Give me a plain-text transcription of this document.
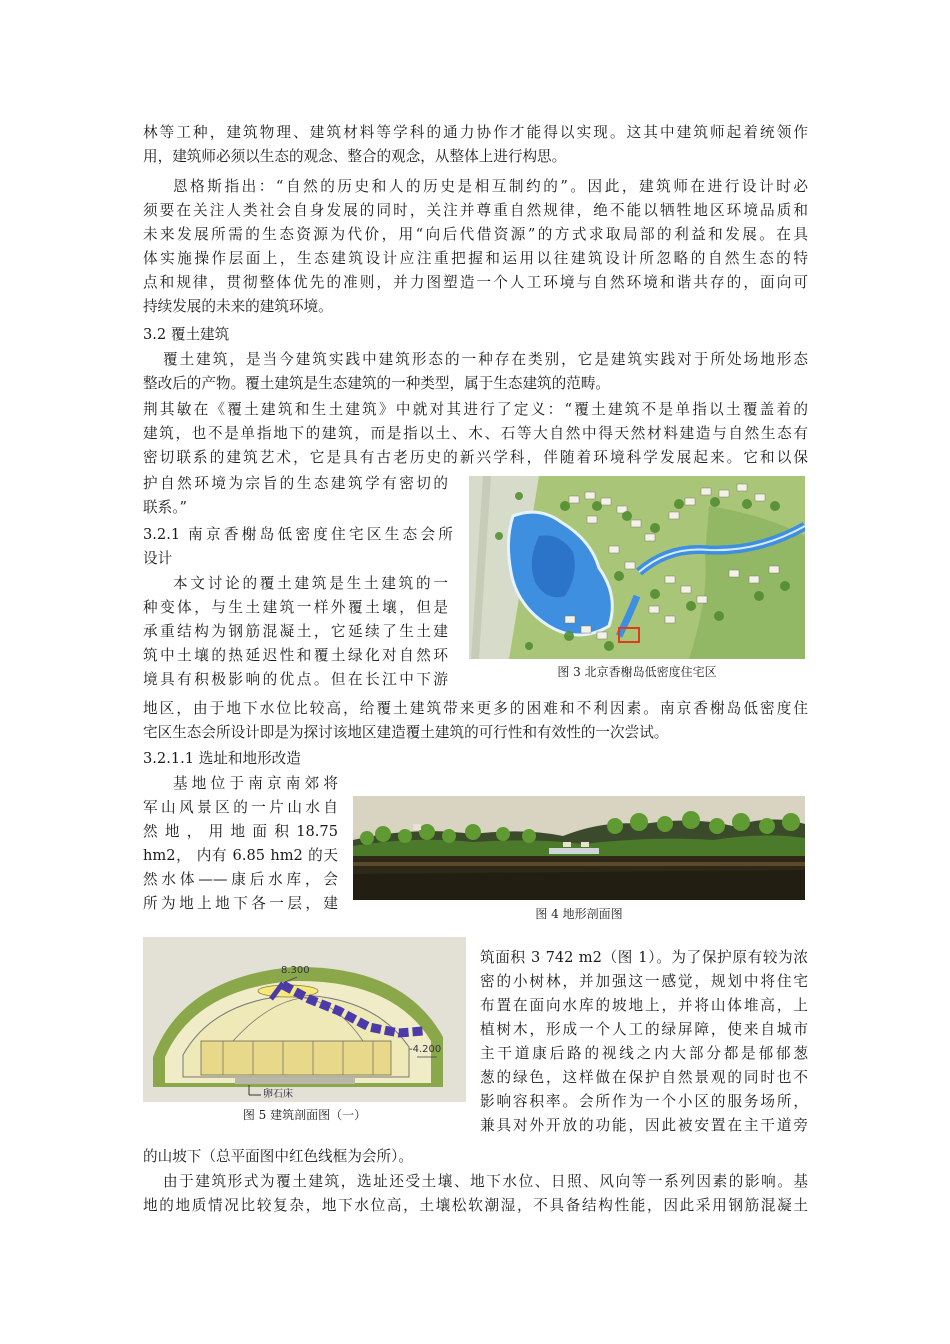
林等工种，建筑物理、建筑材料等学科的通力协作才能得以实现。这其中建筑师起着统领作
用，建筑师必须以生态的观念、整合的观念，从整体上进行构思。
恩格斯指出：“自然的历史和人的历史是相互制约的”。因此，建筑师在进行设计时必
须要在关注人类社会自身发展的同时，关注并尊重自然规律，绝不能以牺牲地区环境品质和
未来发展所需的生态资源为代价，用“向后代借资源”的方式求取局部的利益和发展。在具
体实施操作层面上，生态建筑设计应注重把握和运用以往建筑设计所忽略的自然生态的特
点和规律，贯彻整体优先的准则，并力图塑造一个人工环境与自然环境和谐共存的，面向可
持续发展的未来的建筑环境。
3.2 覆土建筑
覆土建筑，是当今建筑实践中建筑形态的一种存在类别，它是建筑实践对于所处场地形态
整改后的产物。覆土建筑是生态建筑的一种类型，属于生态建筑的范畴。
荆其敏在《覆土建筑和生土建筑》中就对其进行了定义：“覆土建筑不是单指以土覆盖着的
建筑，也不是单指地下的建筑，而是指以土、木、石等大自然中得天然材料建造与自然生态有
密切联系的建筑艺术，它是具有古老历史的新兴学科，伴随着环境科学发展起来。它和以保
护自然环境为宗旨的生态建筑学有密切的
联系。”
3.2.1 南京香榭岛低密度住宅区生态会所
设计
本文讨论的覆土建筑是生土建筑的一
种变体，与生土建筑一样外覆土壤，但是
承重结构为钢筋混凝土，它延续了生土建
筑中土壤的热延迟性和覆土绿化对自然环
境具有积极影响的优点。但在长江中下游
地区，由于地下水位比较高，给覆土建筑带来更多的困难和不利因素。南京香榭岛低密度住
宅区生态会所设计即是为探讨该地区建造覆土建筑的可行性和有效性的一次尝试。
3.2.1.1 选址和地形改造
基地位于南京南郊将
军山风景区的一片山水自
然 地 ， 用 地 面 积 18.75
hm2， 内有 6.85 hm2 的天
然水体——康后水库，会
所为地上地下各一层，建
筑面积 3 742 m2（图 1）。为了保护原有较为浓
密的小树林，并加强这一感觉，规划中将住宅
布置在面向水库的坡地上，并将山体堆高，上
植树木，形成一个人工的绿屏障，使来自城市
主干道康后路的视线之内大部分都是郁郁葱
葱的绿色，这样做在保护自然景观的同时也不
影响容积率。会所作为一个小区的服务场所，
兼具对外开放的功能，因此被安置在主干道旁
的山坡下（总平面图中红色线框为会所）。
由于建筑形式为覆土建筑，选址还受土壤、地下水位、日照、风向等一系列因素的影响。基
地的地质情况比较复杂，地下水位高，土壤松软潮湿，不具备结构性能，因此采用钢筋混凝土
图 3 北京香榭岛低密度住宅区
图 4 地形剖面图
8.300
-4.200
卵石床
图 5 建筑剖面图（一）
